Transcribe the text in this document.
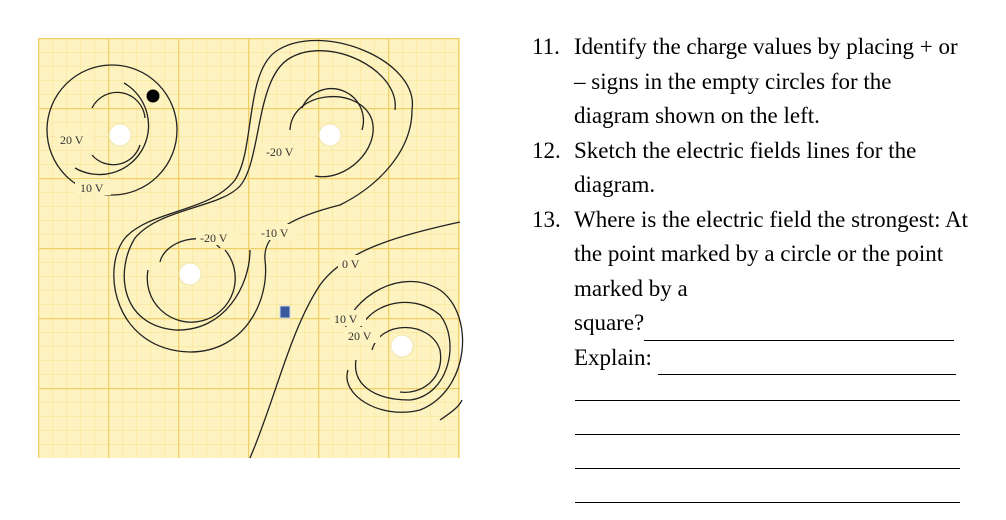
20 V
10 V
-20 V
-20 V	-10 V
0 V
10 V
20 V
11. Identify the charge values by placing + or – signs in the empty circles for the diagram shown on the left.
12. Sketch the electric fields lines for the diagram.
13. Where is the electric field the strongest: At the point marked by a circle or the point marked by a
square?
Explain:
